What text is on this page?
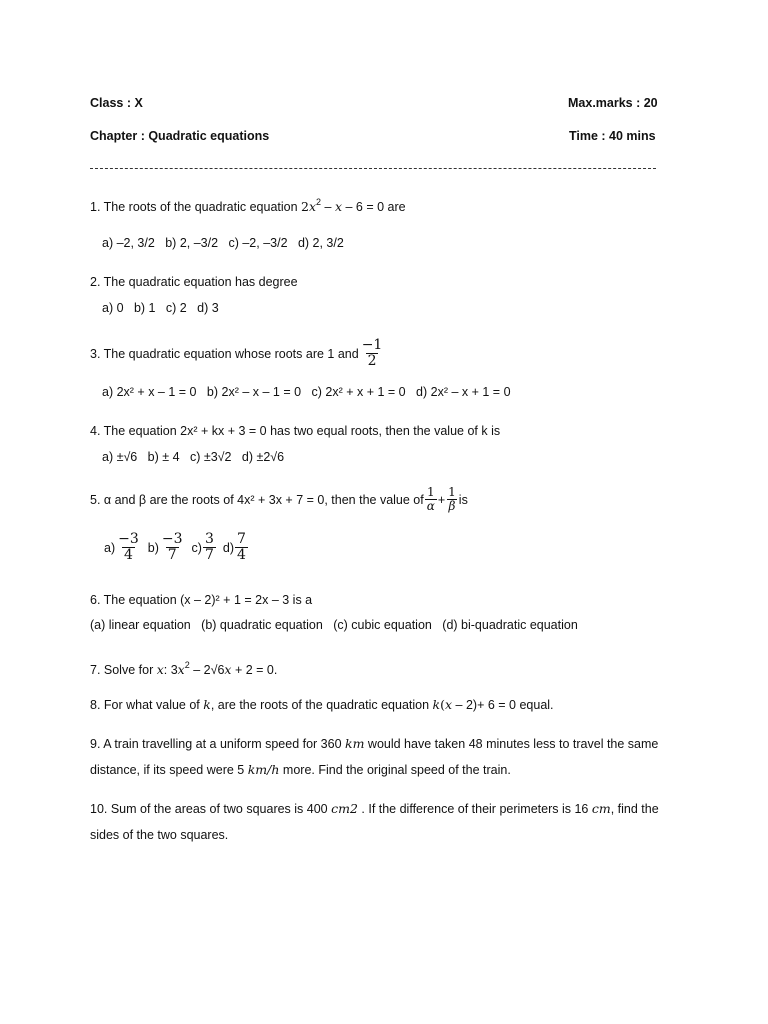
Class : X	Max.marks : 20
Chapter : Quadratic equations	Time : 40 mins
1. The roots of the quadratic equation $2x^2 - x - 6 = 0$ are
a) –2, 3/2   b) 2, –3/2   c) –2, –3/2   d) 2, 3/2
2. The quadratic equation has degree
a) 0   b) 1   c) 2   d) 3
3. The quadratic equation whose roots are 1 and $\frac{-1}{2}$
a) 2x² + x – 1 = 0   b) 2x² – x – 1 = 0   c) 2x² + x + 1 = 0   d) 2x² – x + 1 = 0
4. The equation 2x² + kx + 3 = 0 has two equal roots, then the value of k is
a) ±√6   b) ± 4   c) ±3√2   d) ±2√6
5. α and β are the roots of 4x² + 3x + 7 = 0, then the value of $\frac{1}{\alpha} + \frac{1}{\beta}$ is
$a) \frac{-3}{4} b) \frac{-3}{7} c) \frac{3}{7} d) \frac{7}{4}$
6. The equation (x – 2)² + 1 = 2x – 3 is a
(a) linear equation   (b) quadratic equation   (c) cubic equation   (d) bi-quadratic equation
7. Solve for x: $3x^2 - 2√6x + 2 = 0$.
8. For what value of k, are the roots of the quadratic equation k(x – 2)+ 6 = 0 equal.
9. A train travelling at a uniform speed for 360 km would have taken 48 minutes less to travel the same
distance, if its speed were 5 km/h more. Find the original speed of the train.
10. Sum of the areas of two squares is 400 cm2 . If the difference of their perimeters is 16 cm, find the
sides of the two squares.
